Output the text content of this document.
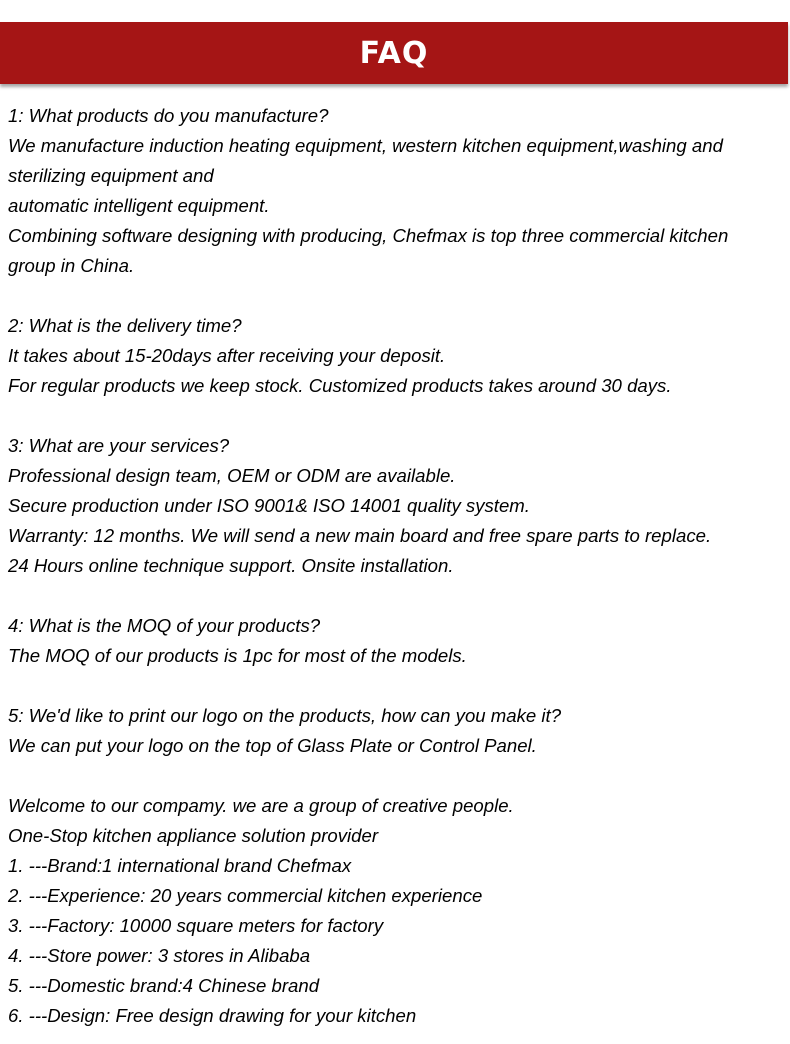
FAQ
1: What products do you manufacture?
We manufacture induction heating equipment, western kitchen equipment,washing and
sterilizing equipment and
automatic intelligent equipment.
Combining software designing with producing, Chefmax is top three commercial kitchen
group in China.
2: What is the delivery time?
It takes about 15-20days after receiving your deposit.
For regular products we keep stock. Customized products takes around 30 days.
3: What are your services?
Professional design team, OEM or ODM are available.
Secure production under ISO 9001& ISO 14001 quality system.
Warranty: 12 months. We will send a new main board and free spare parts to replace.
24 Hours online technique support. Onsite installation.
4: What is the MOQ of your products?
The MOQ of our products is 1pc for most of the models.
5: We'd like to print our logo on the products, how can you make it?
We can put your logo on the top of Glass Plate or Control Panel.
Welcome to our compamy. we are a group of creative people.
One-Stop kitchen appliance solution provider
1. ---Brand:1 international brand Chefmax
2. ---Experience: 20 years commercial kitchen experience
3. ---Factory: 10000 square meters for factory
4. ---Store power: 3 stores in Alibaba
5. ---Domestic brand:4 Chinese brand
6. ---Design: Free design drawing for your kitchen
